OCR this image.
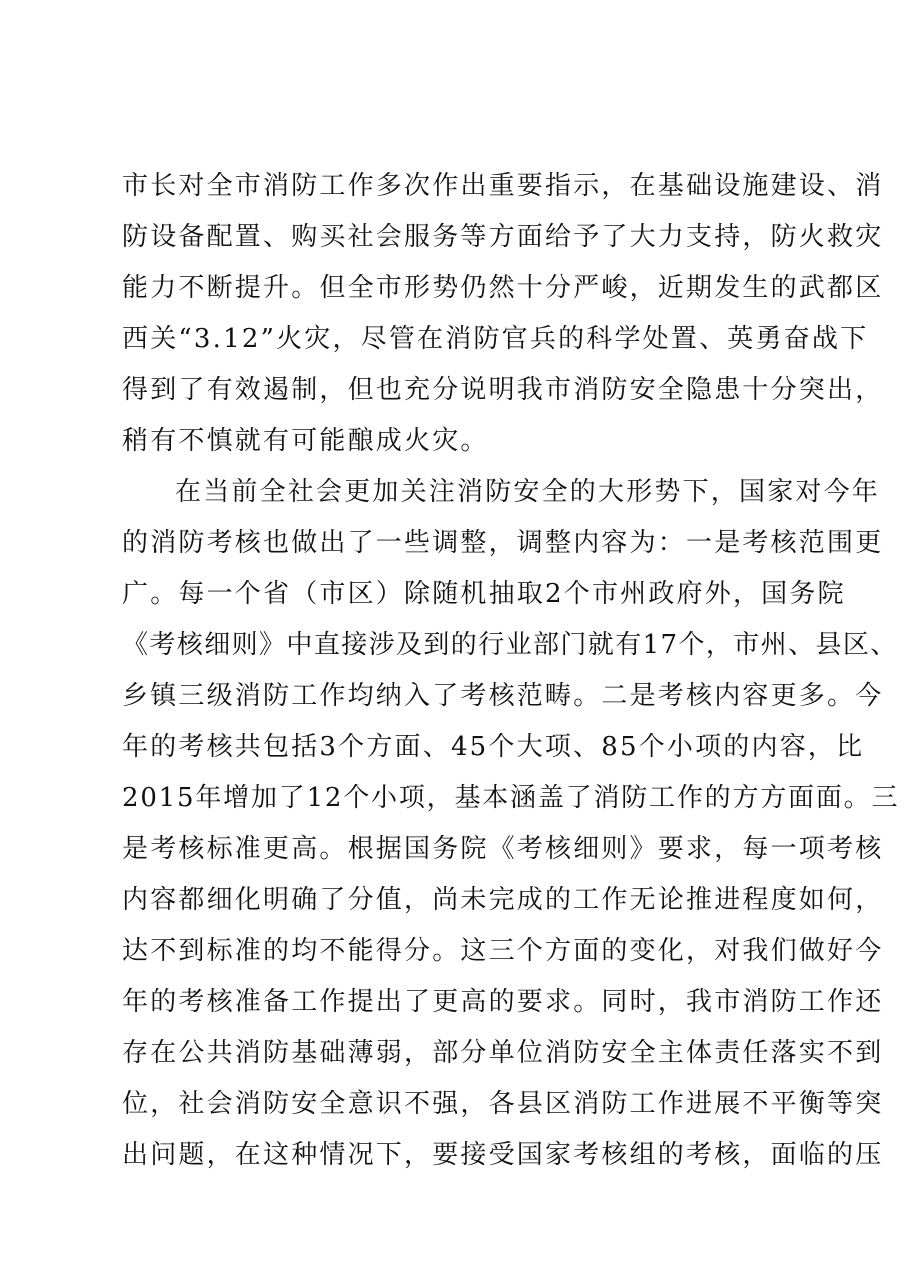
市长对全市消防工作多次作出重要指示，在基础设施建设、消
防设备配置、购买社会服务等方面给予了大力支持，防火救灾
能力不断提升。但全市形势仍然十分严峻，近期发生的武都区
西关“3.12”火灾，尽管在消防官兵的科学处置、英勇奋战下
得到了有效遏制，但也充分说明我市消防安全隐患十分突出，
稍有不慎就有可能酿成火灾。
在当前全社会更加关注消防安全的大形势下，国家对今年
的消防考核也做出了一些调整，调整内容为：一是考核范围更
广。每一个省（市区）除随机抽取2个市州政府外，国务院
《考核细则》中直接涉及到的行业部门就有17个，市州、县区、
乡镇三级消防工作均纳入了考核范畴。二是考核内容更多。今
年的考核共包括3个方面、45个大项、85个小项的内容，比
2015年增加了12个小项，基本涵盖了消防工作的方方面面。三
是考核标准更高。根据国务院《考核细则》要求，每一项考核
内容都细化明确了分值，尚未完成的工作无论推进程度如何，
达不到标准的均不能得分。这三个方面的变化，对我们做好今
年的考核准备工作提出了更高的要求。同时，我市消防工作还
存在公共消防基础薄弱，部分单位消防安全主体责任落实不到
位，社会消防安全意识不强，各县区消防工作进展不平衡等突
出问题，在这种情况下，要接受国家考核组的考核，面临的压
